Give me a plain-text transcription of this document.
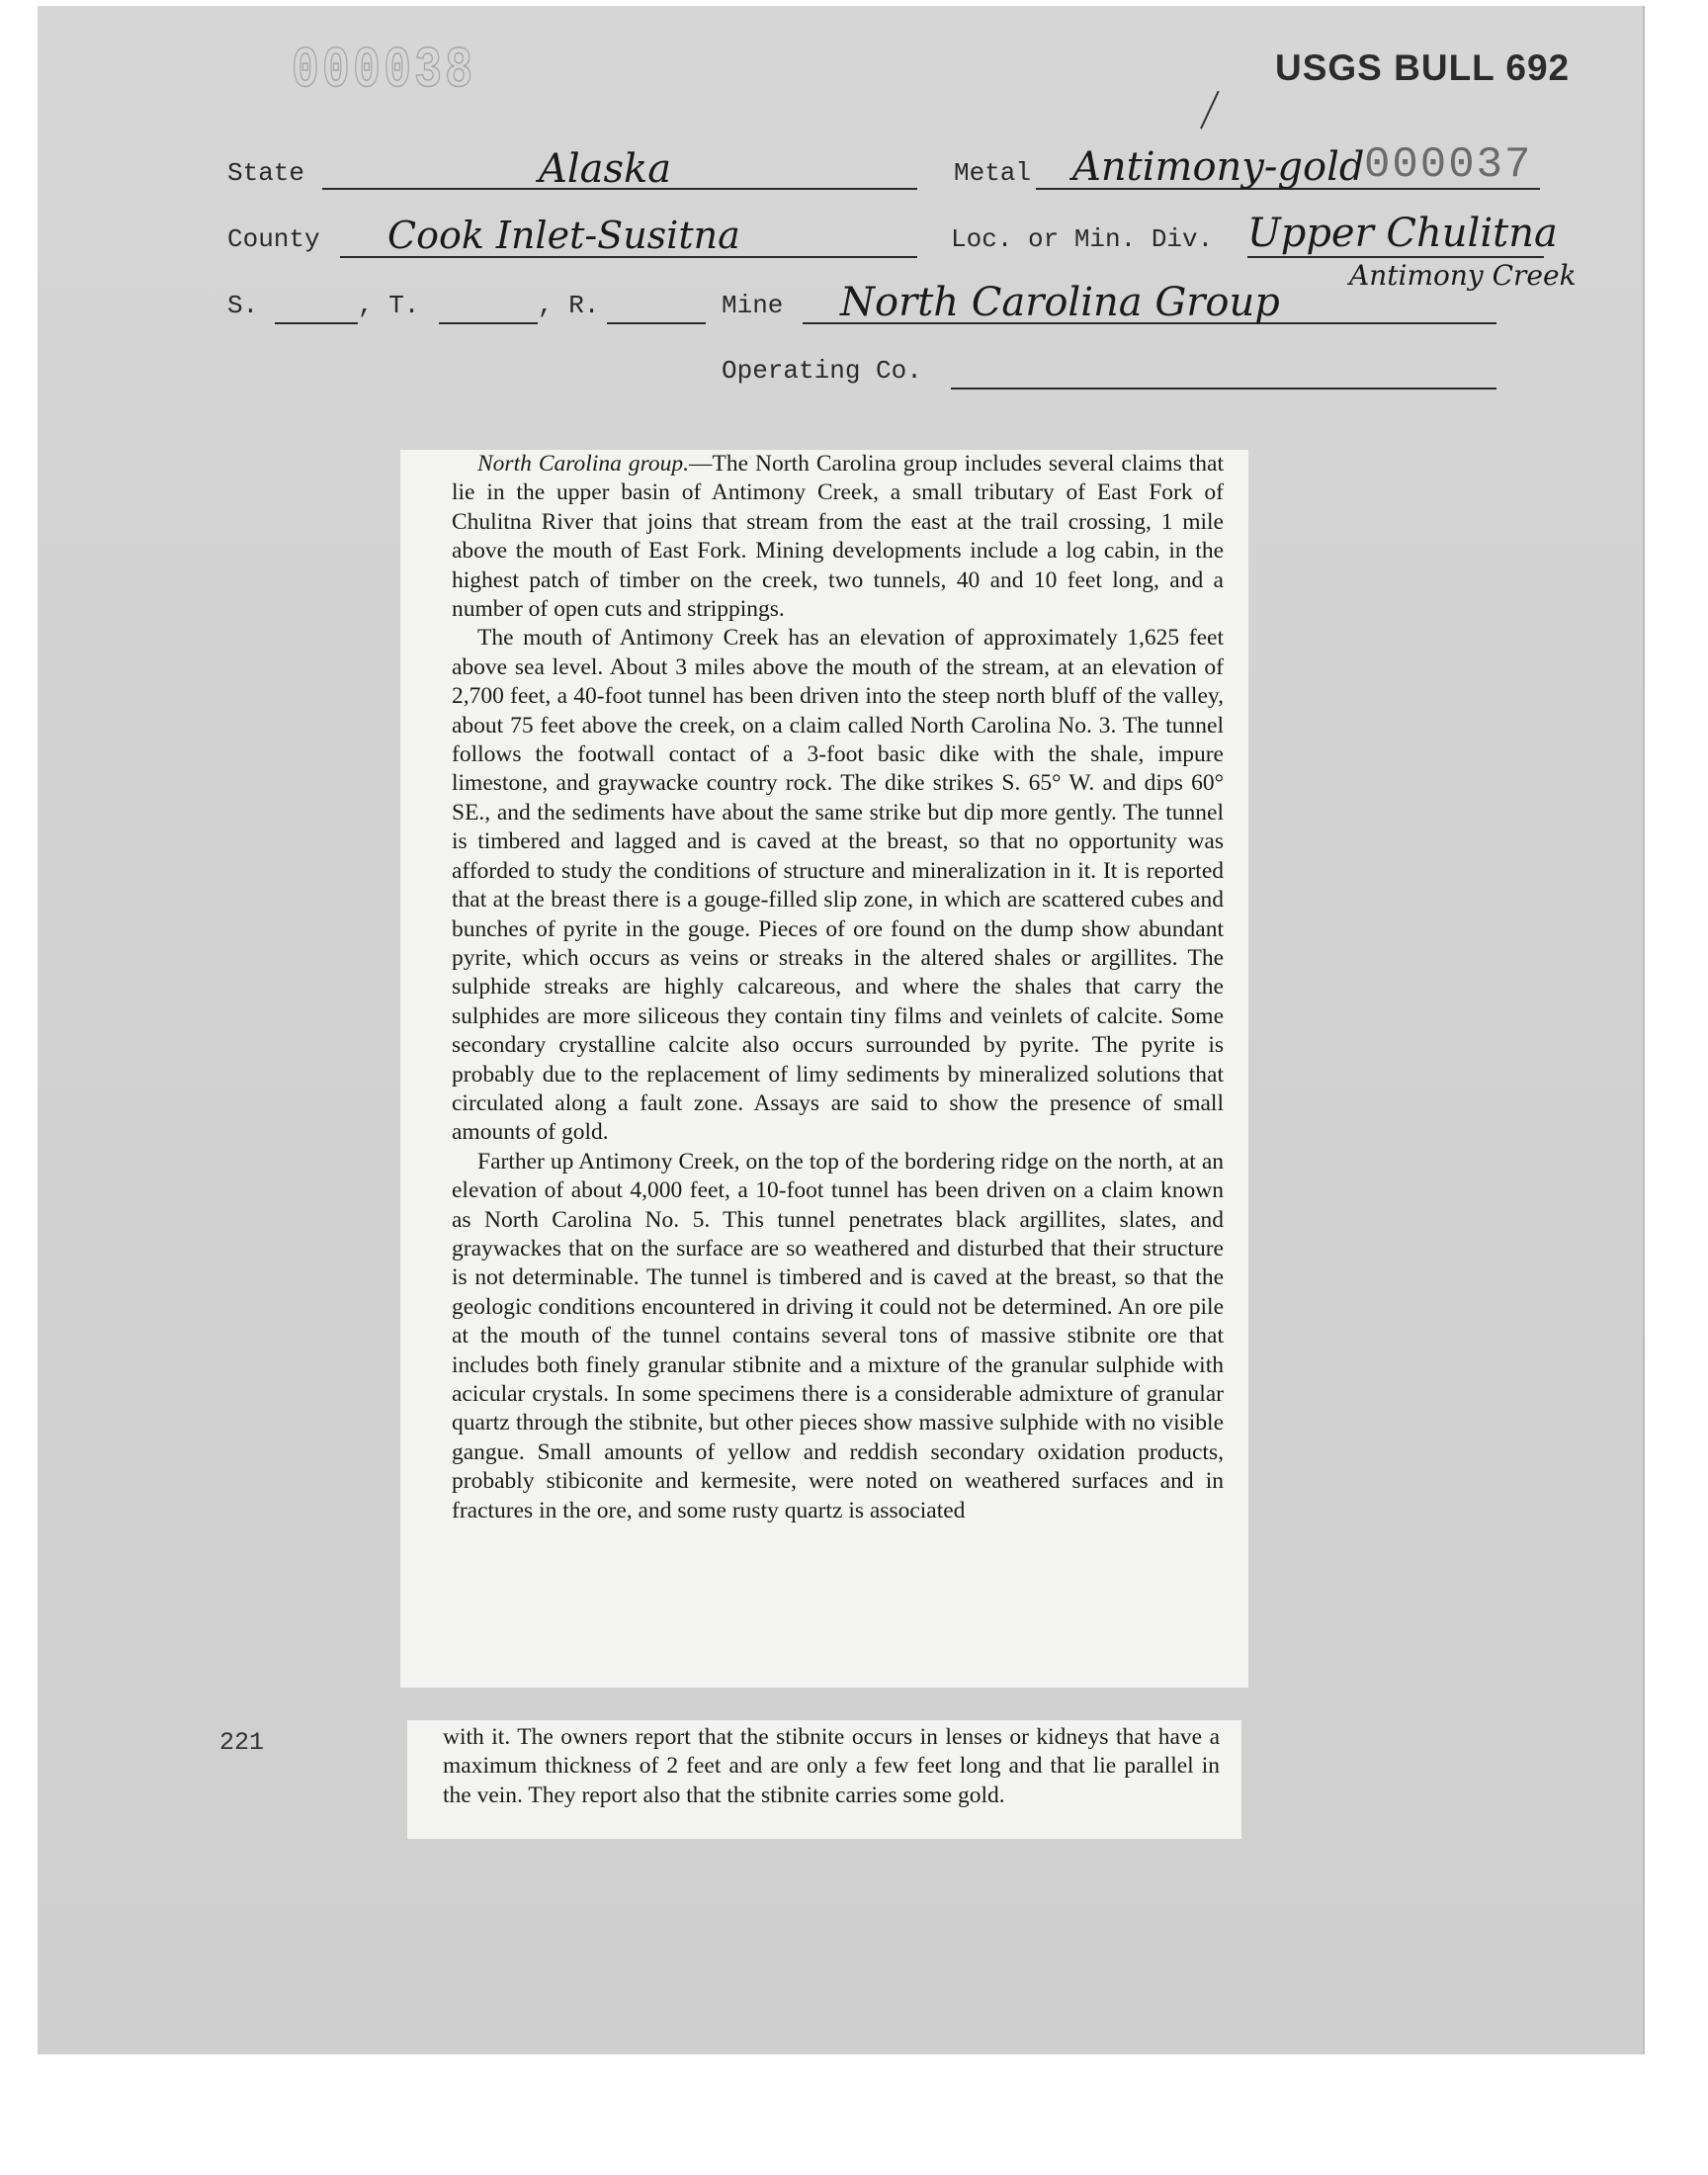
000038	USGS BULL 692
000037
State	Alaska	Metal Antimony-gold
County Cook Inlet-Susitna	Loc. or Min. Div. Upper Chulitna
Antimony Creek
S.	, T.	, R.	Mine North Carolina Group
Operating Co.

North Carolina group.—The North Carolina group includes several claims that lie in the upper basin of Antimony Creek, a small tributary of East Fork of Chulitna River that joins that stream from the east at the trail crossing, 1 mile above the mouth of East Fork. Mining developments include a log cabin, in the highest patch of timber on the creek, two tunnels, 40 and 10 feet long, and a number of open cuts and strippings.

The mouth of Antimony Creek has an elevation of approximately 1,625 feet above sea level. About 3 miles above the mouth of the stream, at an elevation of 2,700 feet, a 40-foot tunnel has been driven into the steep north bluff of the valley, about 75 feet above the creek, on a claim called North Carolina No. 3. The tunnel follows the footwall contact of a 3-foot basic dike with the shale, impure limestone, and graywacke country rock. The dike strikes S. 65° W. and dips 60° SE., and the sediments have about the same strike but dip more gently. The tunnel is timbered and lagged and is caved at the breast, so that no opportunity was afforded to study the conditions of structure and mineralization in it. It is reported that at the breast there is a gouge-filled slip zone, in which are scattered cubes and bunches of pyrite in the gouge. Pieces of ore found on the dump show abundant pyrite, which occurs as veins or streaks in the altered shales or argillites. The sulphide streaks are highly calcareous, and where the shales that carry the sulphides are more siliceous they contain tiny films and veinlets of calcite. Some secondary crystalline calcite also occurs surrounded by pyrite. The pyrite is probably due to the replacement of limy sediments by mineralized solutions that circulated along a fault zone. Assays are said to show the presence of small amounts of gold.

Farther up Antimony Creek, on the top of the bordering ridge on the north, at an elevation of about 4,000 feet, a 10-foot tunnel has been driven on a claim known as North Carolina No. 5. This tunnel penetrates black argillites, slates, and graywackes that on the surface are so weathered and disturbed that their structure is not determinable. The tunnel is timbered and is caved at the breast, so that the geologic conditions encountered in driving it could not be determined. An ore pile at the mouth of the tunnel contains several tons of massive stibnite ore that includes both finely granular stibnite and a mixture of the granular sulphide with acicular crystals. In some specimens there is a considerable admixture of granular quartz through the stibnite, but other pieces show massive sulphide with no visible gangue. Small amounts of yellow and reddish secondary oxidation products, probably stibiconite and kermesite, were noted on weathered surfaces and in fractures in the ore, and some rusty quartz is associated

221	with it. The owners report that the stibnite occurs in lenses or kidneys that have a maximum thickness of 2 feet and are only a few feet long and that lie parallel in the vein. They report also that the stibnite carries some gold.
